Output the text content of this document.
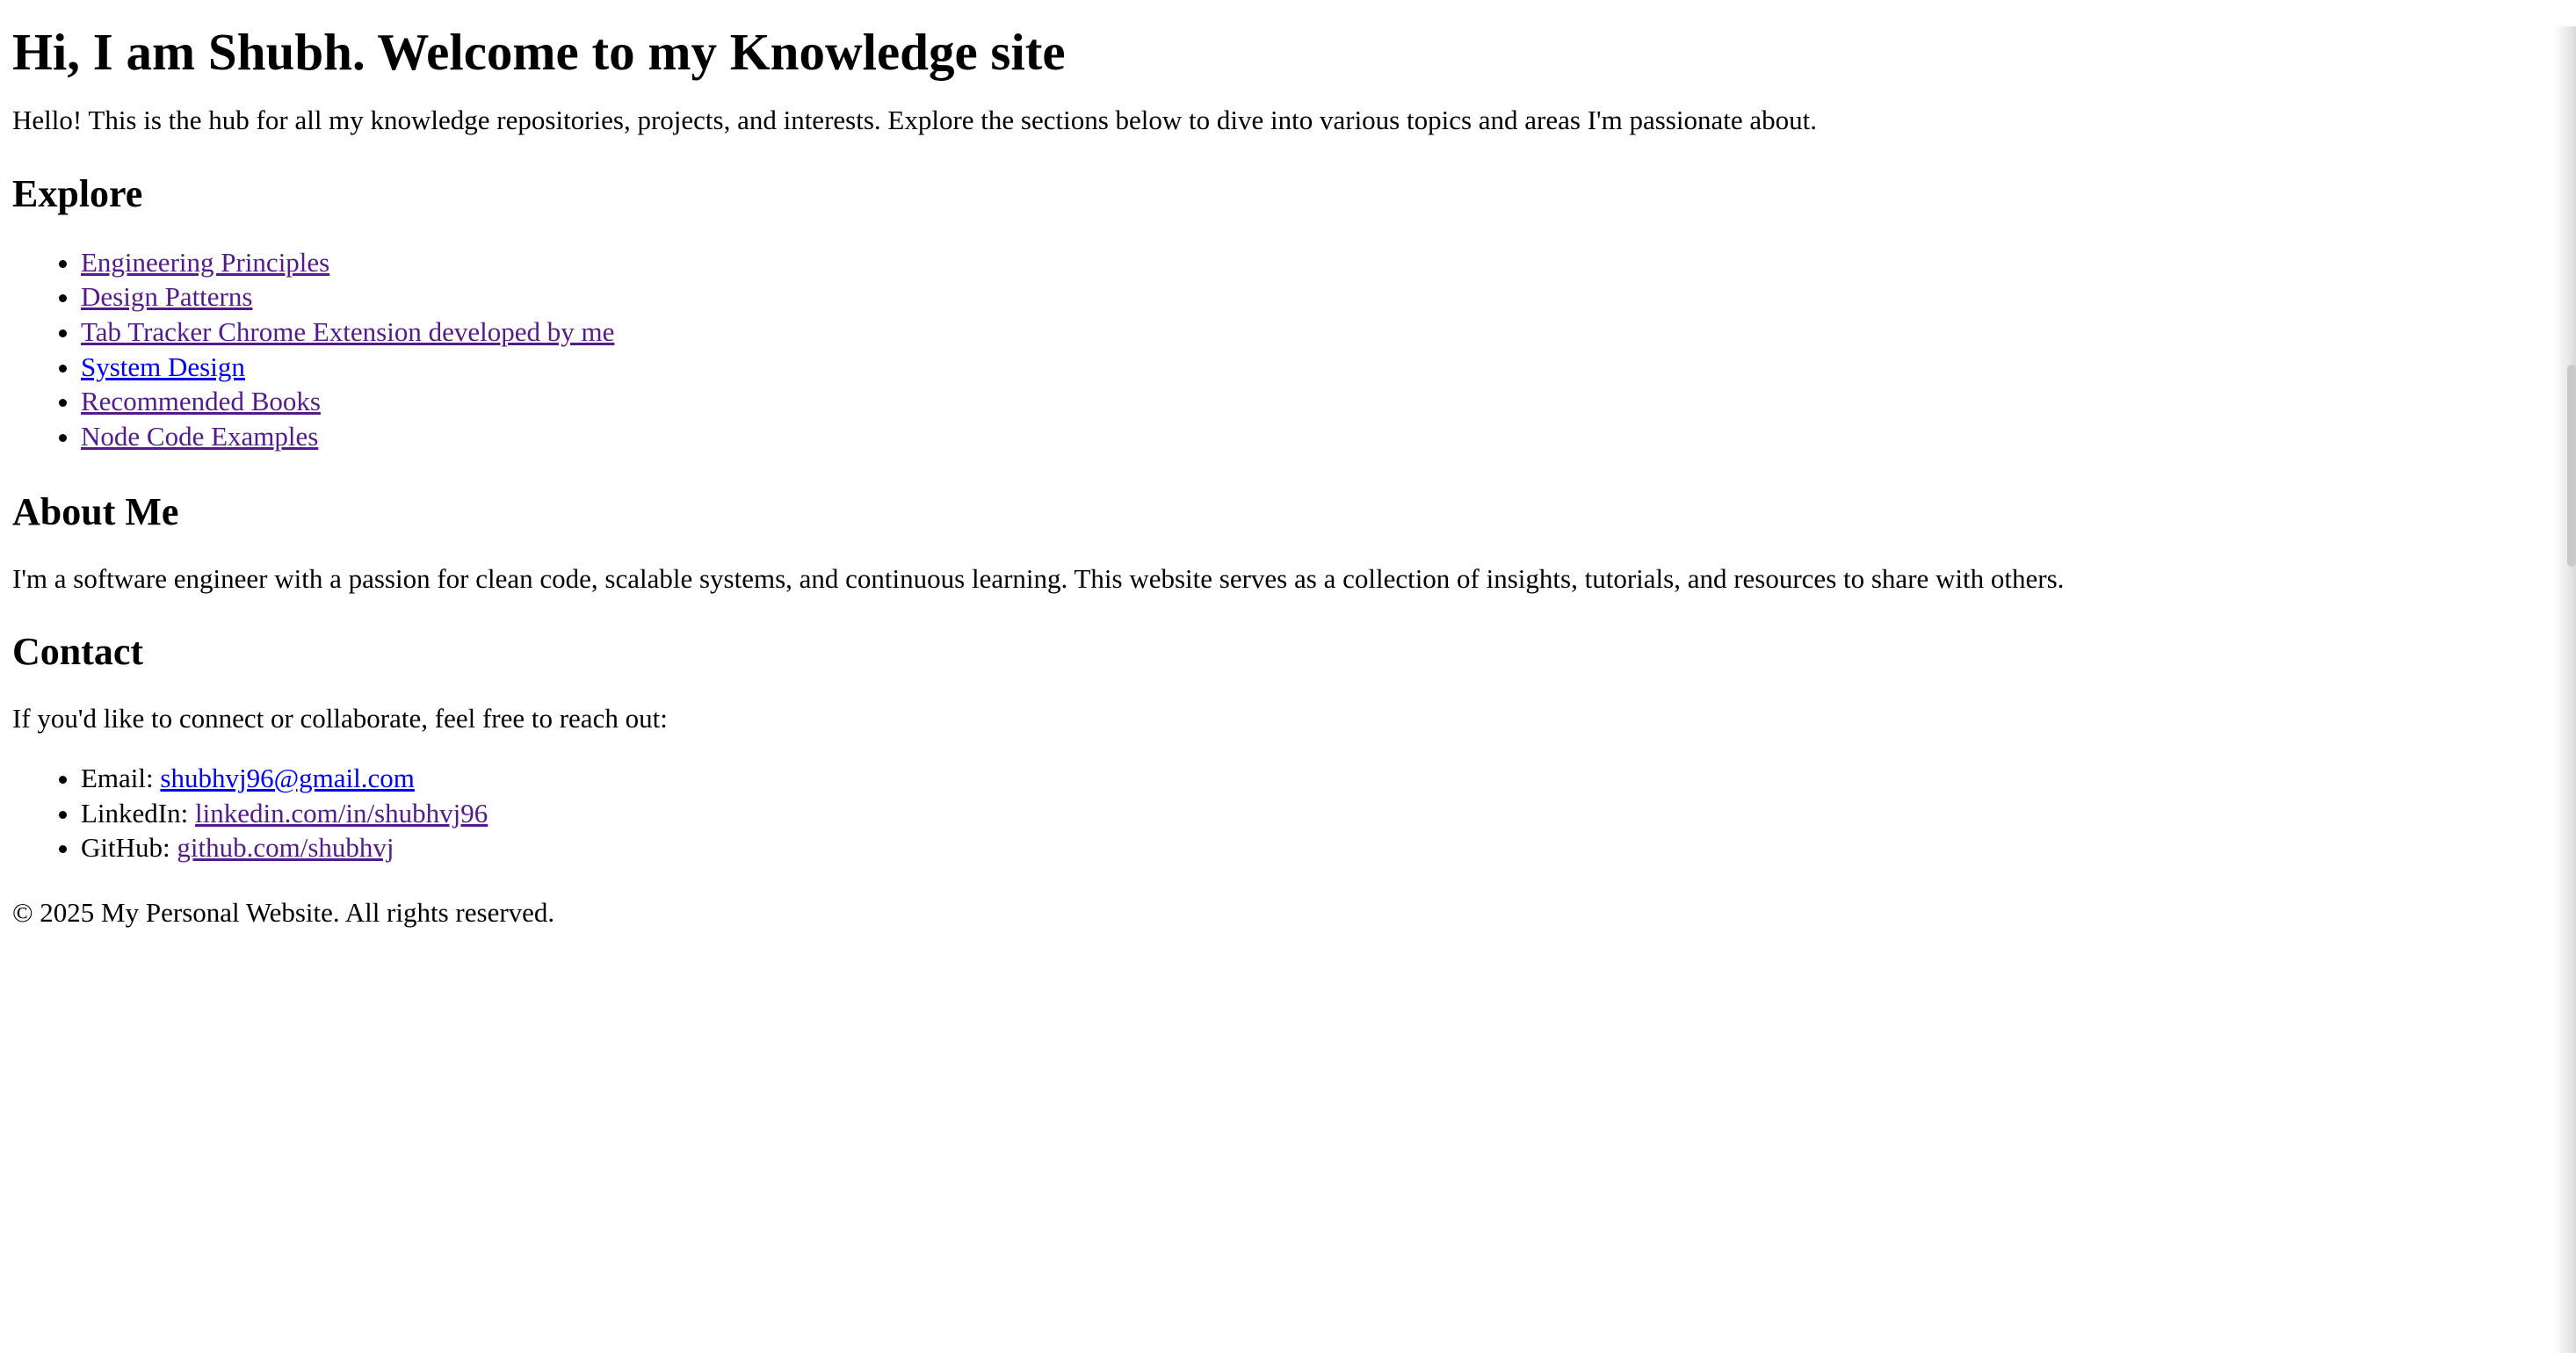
Hi, I am Shubh. Welcome to my Knowledge site

Hello! This is the hub for all my knowledge repositories, projects, and interests. Explore the sections below to dive into various topics and areas I'm passionate about.

Explore
• Engineering Principles
• Design Patterns
• Tab Tracker Chrome Extension developed by me
• System Design
• Recommended Books
• Node Code Examples
About Me

I'm a software engineer with a passion for clean code, scalable systems, and continuous learning. This website serves as a collection of insights, tutorials, and resources to share with others.

Contact

If you'd like to connect or collaborate, feel free to reach out:

• Email: shubhvj96@gmail.com
• LinkedIn: linkedin.com/in/shubhvj96
• GitHub: github.com/shubhvj

© 2025 My Personal Website. All rights reserved.
